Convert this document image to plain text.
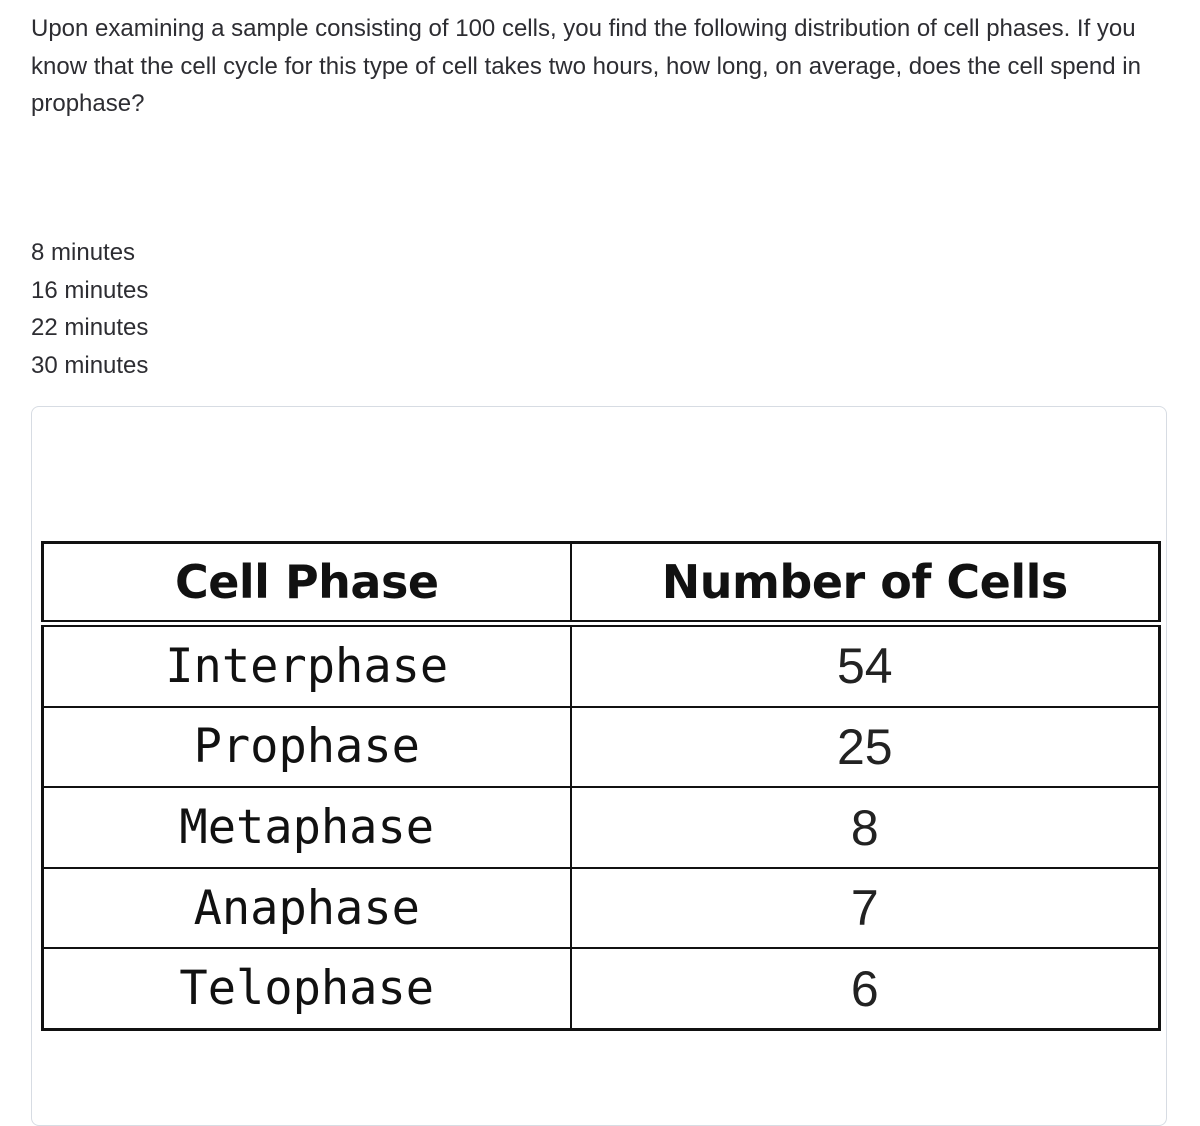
Upon examining a sample consisting of 100 cells, you find the following distribution of cell phases. If you know that the cell cycle for this type of cell takes two hours, how long, on average, does the cell spend in prophase?

8 minutes
16 minutes
22 minutes
30 minutes
Cell Phase	Number of Cells
Interphase	54
Prophase	25
Metaphase	8
Anaphase	7
Telophase	6
